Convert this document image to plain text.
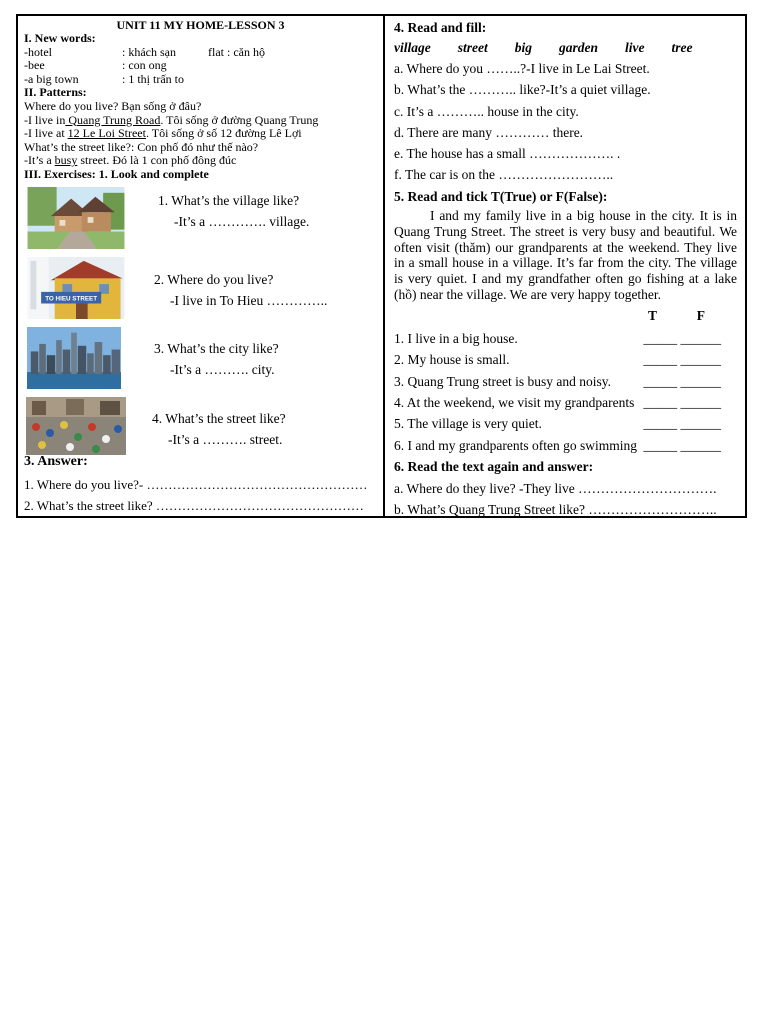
UNIT 11 MY HOME-LESSON 3
I. New words:
-hotel	: khách sạn	flat : căn hộ
-bee	: con ong
-a big town	: 1 thị trấn to
II. Patterns:
Where do you live? Bạn sống ở đâu?
-I live in Quang Trung Road. Tôi sống ở đường Quang Trung
-I live at 12 Le Loi Street. Tôi sống ở số 12 đường Lê Lợi
What’s the street like?: Con phố đó như thế nào?
-It’s a busy street. Đó là 1 con phố đông đúc
III. Exercises: 1. Look and complete
1. What’s the village like?
-It’s a …………. village.
TO HIEU STREET
2. Where do you live?
-I live in To Hieu …………..
3. What’s the city like?
-It’s a ………. city.
4. What’s the street like?
-It’s a ………. street.
3. Answer:
1. Where do you live?- ……………………………………………
2. What’s the street like? …………………………………………
4. Read and fill:
village street big garden live tree
a. Where do you ……..?-I live in Le Lai Street.
b. What’s the ……….. like?-It’s a quiet village.
c. It’s a ……….. house in the city.
d. There are many ………… there.
e. The house has a small ………………. .
f. The car is on the ……………………..
5. Read and tick T(True) or F(False):
I and my family live in a big house in the city. It is in Quang Trung Street. The street is very busy and beautiful. We often visit (thăm) our grandparents at the weekend. They live in a small house in a village. It’s far from the city. The village is very quiet. I and my grandfather often go fishing at a lake (hồ) near the village. We are very happy together.
T	F
1. I live in a big house.	_____ ______
2. My house is small.	_____ ______
3. Quang Trung street is busy and noisy. _____ ______
4. At the weekend, we visit my grandparents _____ ______
5. The village is very quiet.	_____ ______
6. I and my grandparents often go swimming _____ ______
6. Read the text again and answer:
a. Where do they live? -They live ………………………….
b. What’s Quang Trung Street like? ………………………..
